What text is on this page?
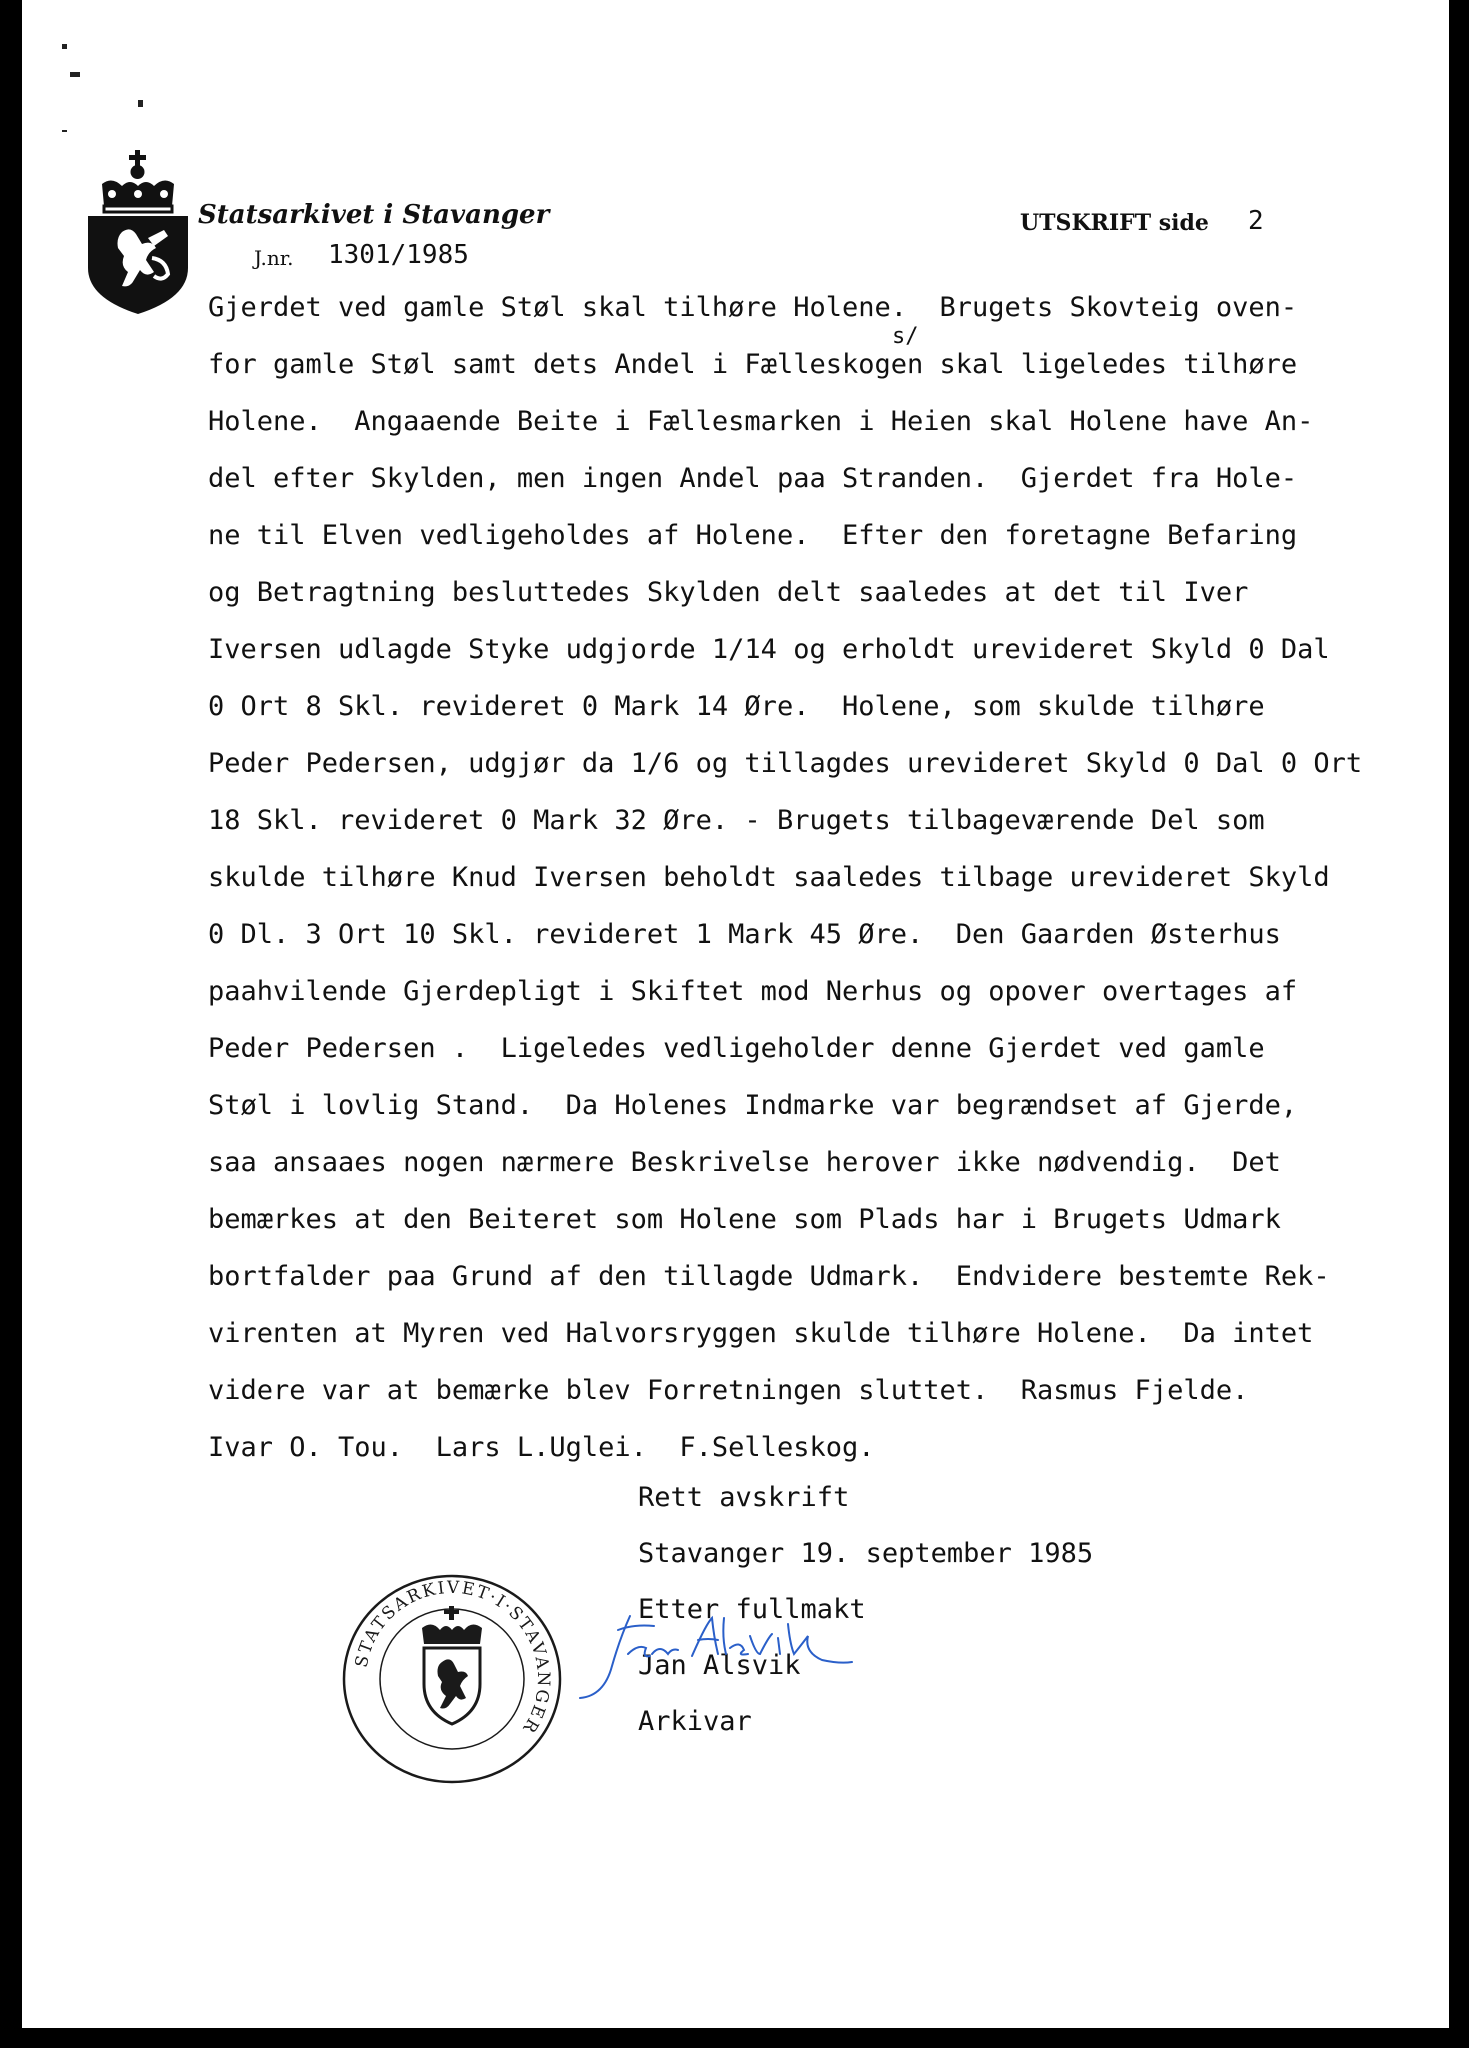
Statsarkivet i Stavanger
J.nr. 1301/1985
UTSKRIFT side 2
s/
Gjerdet ved gamle Støl skal tilhøre Holene.  Brugets Skovteig oven-
for gamle Støl samt dets Andel i Fælleskogen skal ligeledes tilhøre
Holene.  Angaaende Beite i Fællesmarken i Heien skal Holene have An-
del efter Skylden, men ingen Andel paa Stranden.  Gjerdet fra Hole-
ne til Elven vedligeholdes af Holene.  Efter den foretagne Befaring
og Betragtning besluttedes Skylden delt saaledes at det til Iver
Iversen udlagde Styke udgjorde 1/14 og erholdt urevideret Skyld 0 Dal
0 Ort 8 Skl. revideret 0 Mark 14 Øre.  Holene, som skulde tilhøre
Peder Pedersen, udgjør da 1/6 og tillagdes urevideret Skyld 0 Dal 0 Ort
18 Skl. revideret 0 Mark 32 Øre. - Brugets tilbageværende Del som
skulde tilhøre Knud Iversen beholdt saaledes tilbage urevideret Skyld
0 Dl. 3 Ort 10 Skl. revideret 1 Mark 45 Øre.  Den Gaarden Østerhus
paahvilende Gjerdepligt i Skiftet mod Nerhus og opover overtages af
Peder Pedersen .  Ligeledes vedligeholder denne Gjerdet ved gamle
Støl i lovlig Stand.  Da Holenes Indmarke var begrændset af Gjerde,
saa ansaaes nogen nærmere Beskrivelse herover ikke nødvendig.  Det
bemærkes at den Beiteret som Holene som Plads har i Brugets Udmark
bortfalder paa Grund af den tillagde Udmark.  Endvidere bestemte Rek-
virenten at Myren ved Halvorsryggen skulde tilhøre Holene.  Da intet
videre var at bemærke blev Forretningen sluttet.  Rasmus Fjelde.
Ivar O. Tou.  Lars L.Uglei.  F.Selleskog.
Rett avskrift
Stavanger 19. september 1985
Etter fullmakt
Jan Alsvik
Arkivar
STATSARKIVET·I·STAVANGER
